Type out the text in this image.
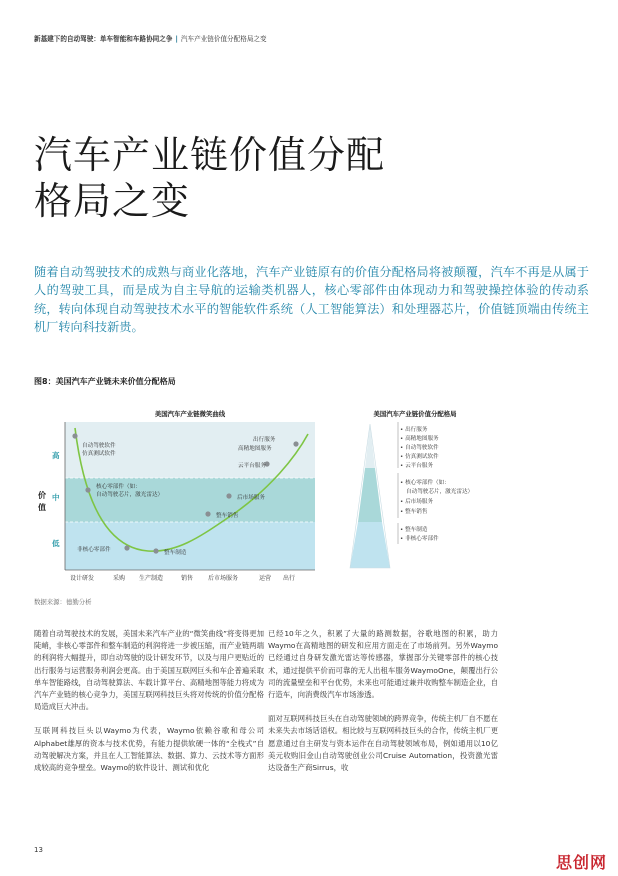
新基建下的自动驾驶：单车智能和车路协同之争 | 汽车产业链价值分配格局之变
汽车产业链价值分配
格局之变
随着自动驾驶技术的成熟与商业化落地，汽车产业链原有的价值分配格局将被颠覆，汽车不再是从属于人的驾驶工具，而是成为自主导航的运输类机器人，核心零部件由体现动力和驾驶操控体验的传动系统，转向体现自动驾驶技术水平的智能软件系统（人工智能算法）和处理器芯片，价值链顶端由传统主机厂转向科技新贵。
图8：美国汽车产业链未来价值分配格局
美国汽车产业链微笑曲线
价
值
高
中
低
自动驾驶软件
仿真测试软件
核心零部件（如：
自动驾驶芯片，激光雷达）
非核心零部件	整车制造
整车销售
后市场服务
云平台服务
出行服务
高精地图服务
设计研发	采购 生产制造	销售 后市场服务	运营 出行
美国汽车产业链价值分配格局
• 出行服务
• 高精地图服务
• 自动驾驶软件
• 仿真测试软件
• 云平台服务
• 核心零部件（如：
自动驾驶芯片，激光雷达）
• 后市场服务
• 整车销售
• 整车制造
• 非核心零部件
数据来源：德勤分析

随着自动驾驶技术的发展，美国未来汽车产业的“微笑曲线”将变得更加陡峭，非核心零部件和整车制造的利润将进一步被压缩，而产业链两端的利润将大幅提升，即自动驾驶的设计研发环节，以及与用户更贴近的出行服务与运营服务利润会更高。由于美国互联网巨头和车企普遍采取单车智能路线，自动驾驶算法、车载计算平台、高精地图等能力将成为汽车产业链的核心竞争力，美国互联网科技巨头将对传统的价值分配格局造成巨大冲击。

互联网科技巨头以Waymo为代表，Waymo依赖谷歌和母公司Alphabet雄厚的资本与技术优势，有能力提供软硬一体的“全栈式”自动驾驶解决方案，并且在人工智能算法、数据、算力、云技术等方面形成较高的竞争壁垒。Waymo的软件设计、测试和优化

已经10年之久，积累了大量的路测数据，谷歌地图的积累，助力Waymo在高精地图的研发和应用方面走在了市场前列。另外Waymo已经通过自身研发激光雷达等传感器，掌握部分关键零部件的核心技术，通过提供平价而可靠的无人出租车服务WaymoOne，颠覆出行公司的流量壁垒和平台优势，未来也可能通过兼并收购整车制造企业，自行造车，向消费级汽车市场渗透。

面对互联网科技巨头在自动驾驶领域的跨界竞争，传统主机厂自不愿在未来失去市场话语权。相比较与互联网科技巨头的合作，传统主机厂更愿意通过自主研发与资本运作在自动驾驶领域布局，例如通用以10亿美元收购旧金山自动驾驶创业公司Cruise Automation，投资激光雷达设备生产商Sirrus，收

13
思创网
